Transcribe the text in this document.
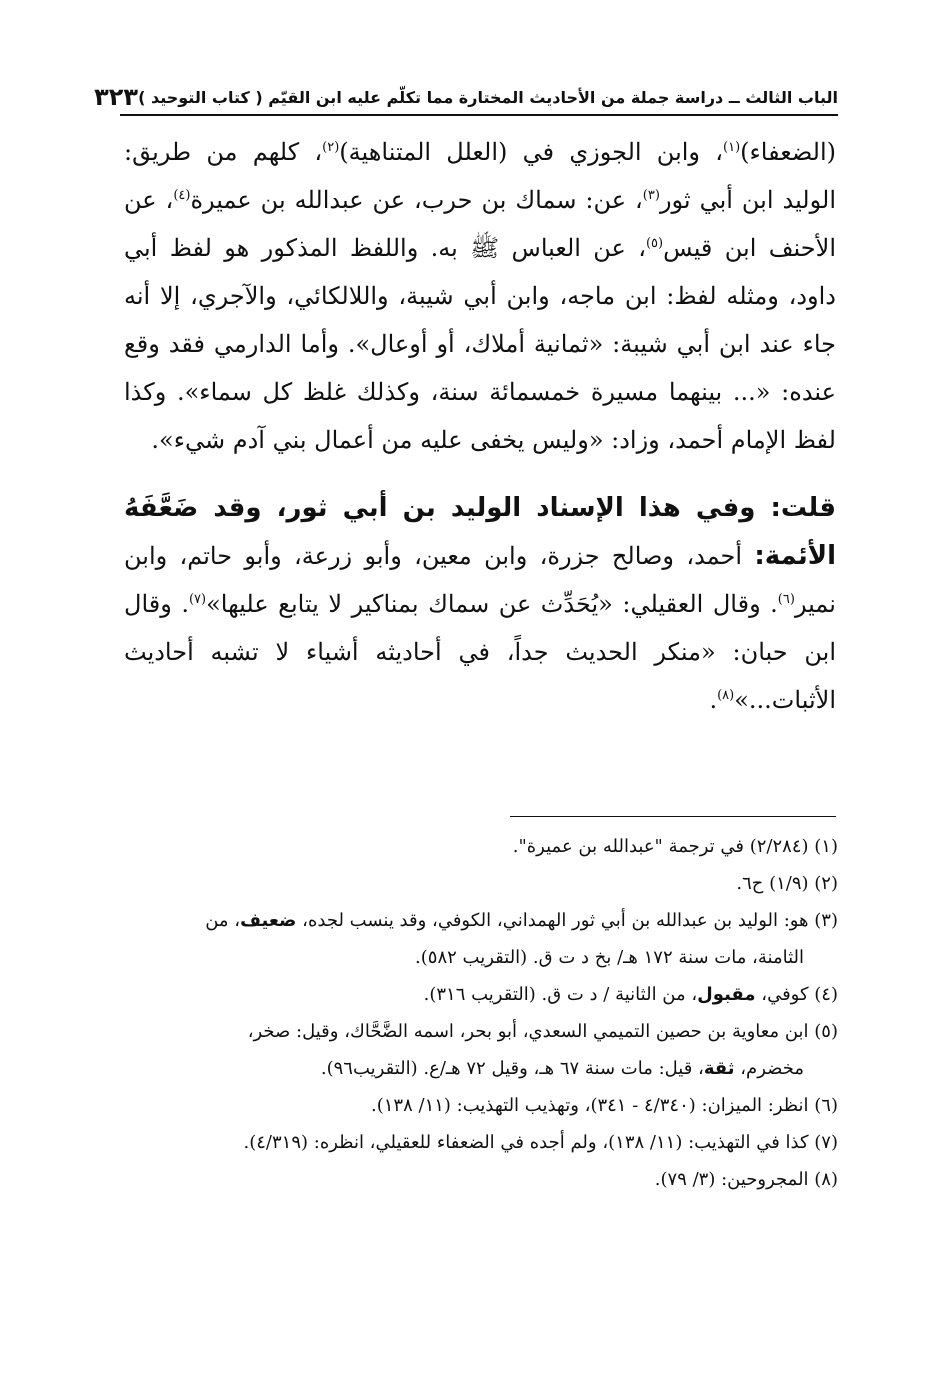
الباب الثالث ــ دراسة جملة من الأحاديث المختارة مما تكلّم عليه ابن القيّم ( كتاب التوحيد )
٣٢٣

(الضعفاء)$^{(١)}$، وابن الجوزي في (العلل المتناهية)$^{(٢)}$، كلهم من طريق: الوليد ابن أبي ثور$^{(٣)}$، عن: سماك بن حرب، عن عبدالله بن عميرة$^{(٤)}$، عن الأحنف ابن قيس$^{(٥)}$، عن العباس ﷺ به. واللفظ المذكور هو لفظ أبي داود، ومثله لفظ: ابن ماجه، وابن أبي شيبة، واللالكائي، والآجري، إلا أنه جاء عند ابن أبي شيبة: «ثمانية أملاك، أو أوعال». وأما الدارمي فقد وقع عنده: «... بينهما مسيرة خمسمائة سنة، وكذلك غلظ كل سماء». وكذا لفظ الإمام أحمد، وزاد: «وليس يخفى عليه من أعمال بني آدم شيء».

قلت: وفي هذا الإسناد الوليد بن أبي ثور، وقد ضَعَّفَهُ الأئمة: أحمد، وصالح جزرة، وابن معين، وأبو زرعة، وأبو حاتم، وابن نمير$^{(٦)}$. وقال العقيلي: «يُحَدِّث عن سماك بمناكير لا يتابع عليها»$^{(٧)}$. وقال ابن حبان: «منكر الحديث جداً، في أحاديثه أشياء لا تشبه أحاديث الأثبات...»$^{(٨)}$.

(١) (٢/٢٨٤) في ترجمة "عبدالله بن عميرة".
(٢) (١/٩) ح٦.
(٣) هو: الوليد بن عبدالله بن أبي ثور الهمداني، الكوفي، وقد ينسب لجده، ضعيف، من
الثامنة، مات سنة ١٧٢ هـ/ بخ د ت ق. (التقريب ٥٨٢).
(٤) كوفي، مقبول، من الثانية / د ت ق. (التقريب ٣١٦).
(٥) ابن معاوية بن حصين التميمي السعدي، أبو بحر، اسمه الضَّحَّاك، وقيل: صخر،
مخضرم، ثقة، قيل: مات سنة ٦٧ هـ، وقيل ٧٢ هـ/ع. (التقريب٩٦).
(٦) انظر: الميزان: (٤/٣٤٠ - ٣٤١)، وتهذيب التهذيب: (١١/ ١٣٨).
(٧) كذا في التهذيب: (١١/ ١٣٨)، ولم أجده في الضعفاء للعقيلي، انظره: (٤/٣١٩).
(٨) المجروحين: (٣/ ٧٩).
